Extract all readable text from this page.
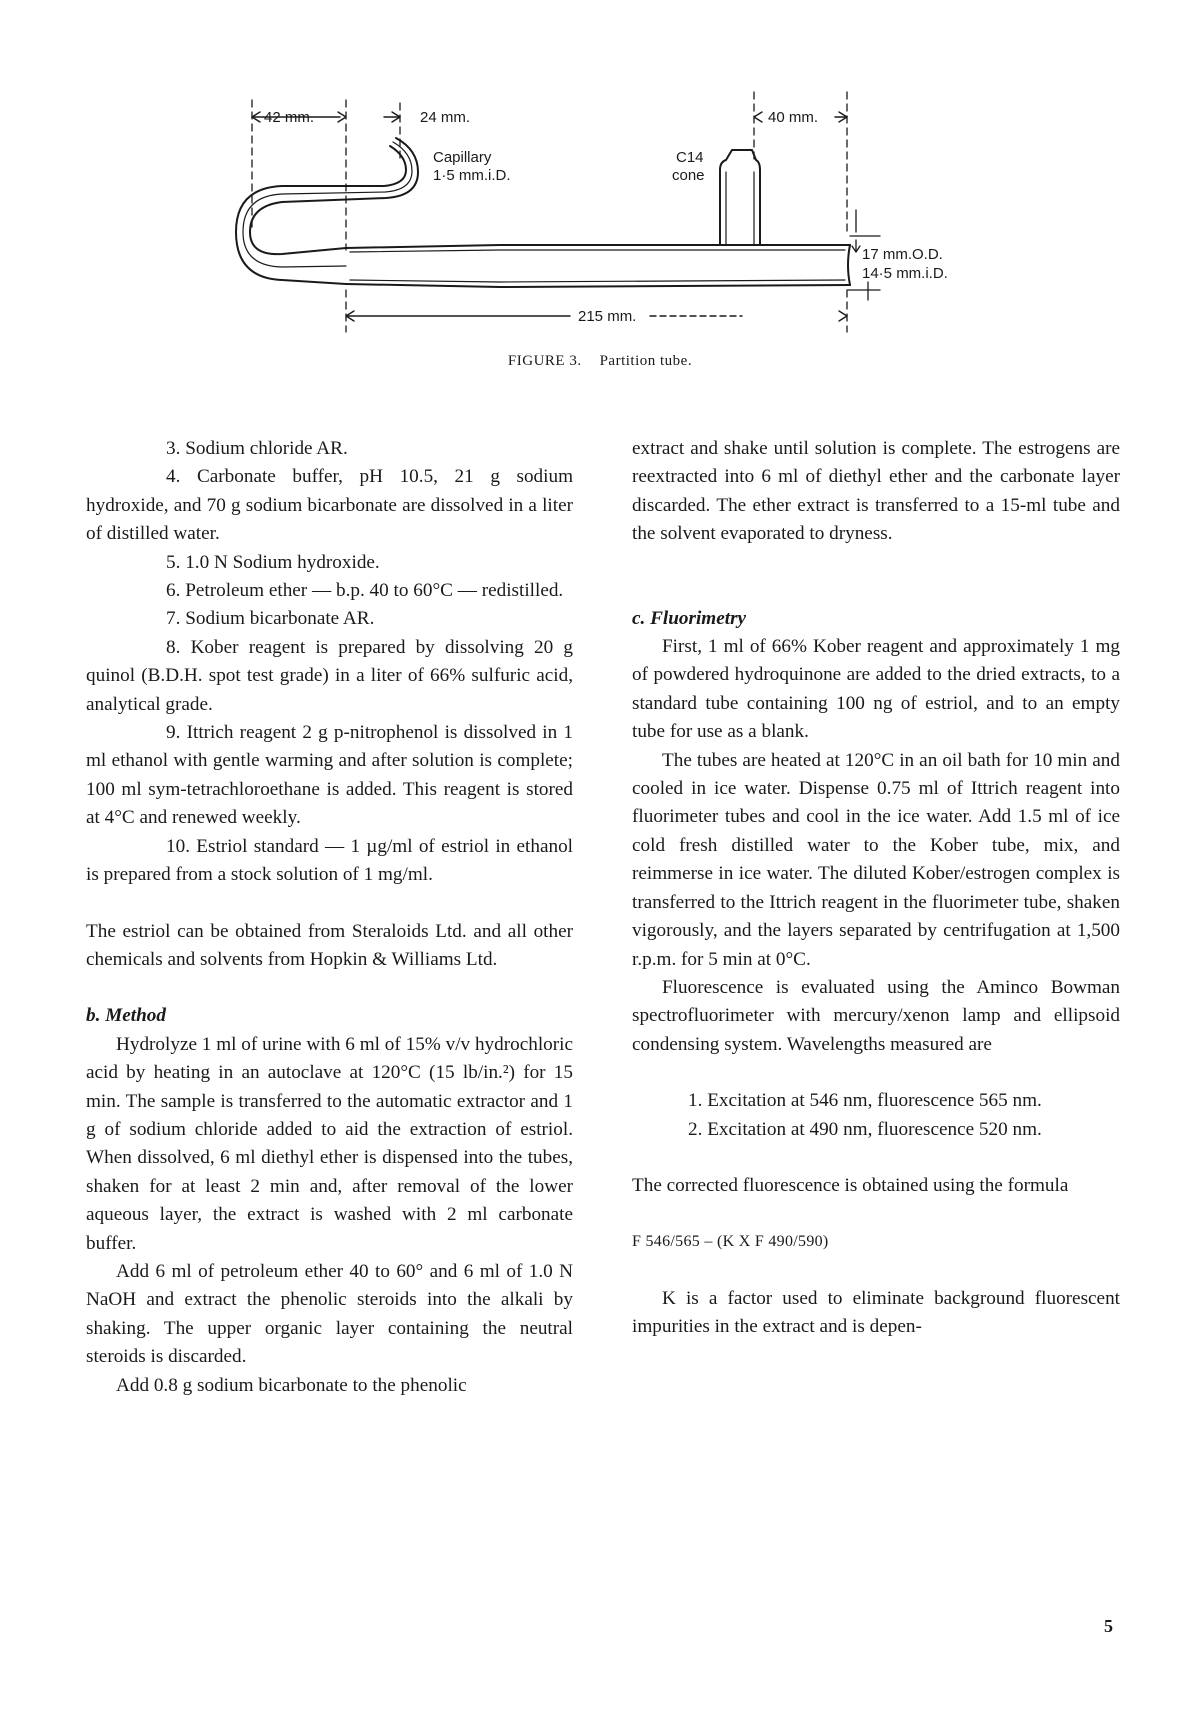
42 mm.	24 mm.	40 mm.
Capillary
1·5 mm.i.D.
C14
cone
17 mm.O.D.
14·5 mm.i.D.
215 mm.
FIGURE 3. Partition tube.

3. Sodium chloride AR.

4. Carbonate buffer, pH 10.5, 21 g sodium hydroxide, and 70 g sodium bicarbonate are dissolved in a liter of distilled water.

5. 1.0 N Sodium hydroxide.

6. Petroleum ether — b.p. 40 to 60°C — redistilled.

7. Sodium bicarbonate AR.

8. Kober reagent is prepared by dissolving 20 g quinol (B.D.H. spot test grade) in a liter of 66% sulfuric acid, analytical grade.

9. Ittrich reagent 2 g p-nitrophenol is dissolved in 1 ml ethanol with gentle warming and after solution is complete; 100 ml sym-tetrachloroethane is added. This reagent is stored at 4°C and renewed weekly.

10. Estriol standard — 1 µg/ml of estriol in ethanol is prepared from a stock solution of 1 mg/ml.

The estriol can be obtained from Steraloids Ltd. and all other chemicals and solvents from Hopkin & Williams Ltd.

b. Method

Hydrolyze 1 ml of urine with 6 ml of 15% v/v hydrochloric acid by heating in an autoclave at 120°C (15 lb/in.²) for 15 min. The sample is transferred to the automatic extractor and 1 g of sodium chloride added to aid the extraction of estriol. When dissolved, 6 ml diethyl ether is dispensed into the tubes, shaken for at least 2 min and, after removal of the lower aqueous layer, the extract is washed with 2 ml carbonate buffer.

Add 6 ml of petroleum ether 40 to 60° and 6 ml of 1.0 N NaOH and extract the phenolic steroids into the alkali by shaking. The upper organic layer containing the neutral steroids is discarded.

Add 0.8 g sodium bicarbonate to the phenolic

extract and shake until solution is complete. The estrogens are reextracted into 6 ml of diethyl ether and the carbonate layer discarded. The ether extract is transferred to a 15-ml tube and the solvent evaporated to dryness.

c. Fluorimetry

First, 1 ml of 66% Kober reagent and approximately 1 mg of powdered hydroquinone are added to the dried extracts, to a standard tube containing 100 ng of estriol, and to an empty tube for use as a blank.

The tubes are heated at 120°C in an oil bath for 10 min and cooled in ice water. Dispense 0.75 ml of Ittrich reagent into fluorimeter tubes and cool in the ice water. Add 1.5 ml of ice cold fresh distilled water to the Kober tube, mix, and reimmerse in ice water. The diluted Kober/estrogen complex is transferred to the Ittrich reagent in the fluorimeter tube, shaken vigorously, and the layers separated by centrifugation at 1,500 r.p.m. for 5 min at 0°C.

Fluorescence is evaluated using the Aminco Bowman spectrofluorimeter with mercury/xenon lamp and ellipsoid condensing system. Wavelengths measured are

1. Excitation at 546 nm, fluorescence 565 nm.

2. Excitation at 490 nm, fluorescence 520 nm.

The corrected fluorescence is obtained using the formula

F 546/565 – (K X F 490/590)

K is a factor used to eliminate background fluorescent impurities in the extract and is depen-

5
